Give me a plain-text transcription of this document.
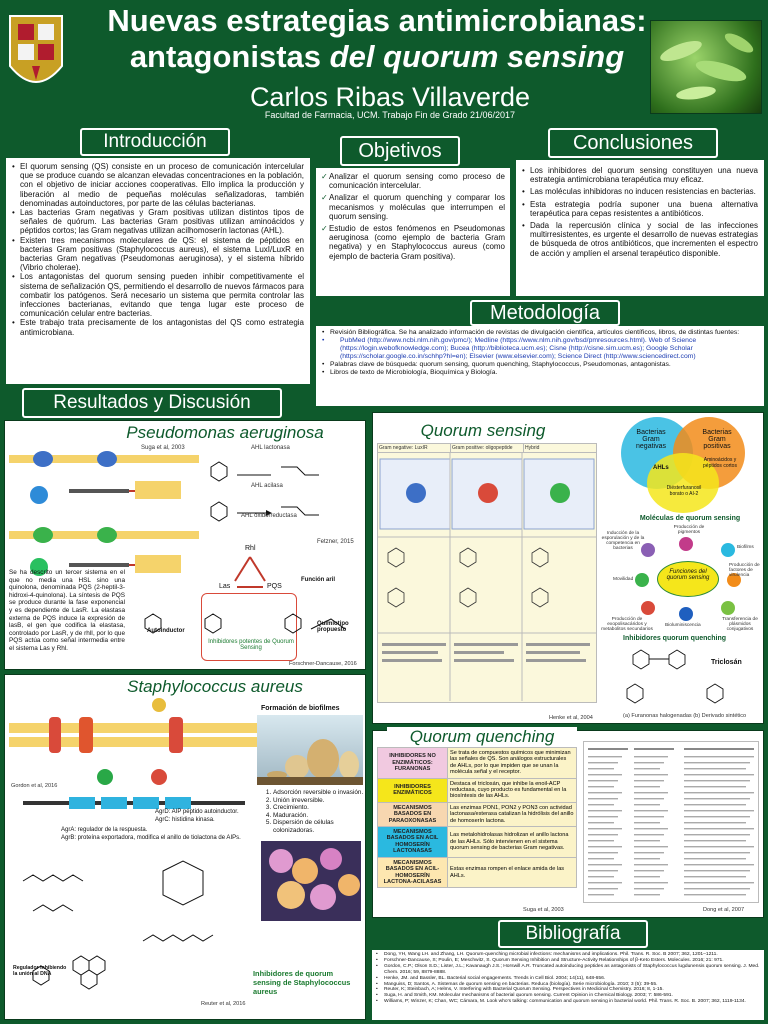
Nuevas estrategias antimicrobianas:
antagonistas del quorum sensing
Carlos Ribas Villaverde
Facultad de Farmacia, UCM. Trabajo Fin de Grado 21/06/2017
Introducción
• El quorum sensing (QS) consiste en un proceso de comunicación intercelular que se produce cuando se alcanzan elevadas concentraciones en la población, con el objetivo de iniciar acciones cooperativas. Ello implica la producción y liberación al medio de pequeñas moléculas señalizadoras, también denominadas autoinductores, por parte de las células bacterianas.
• Las bacterias Gram negativas y Gram positivas utilizan distintos tipos de señales de quórum. Las bacterias Gram positivas utilizan aminoácidos y péptidos cortos; las Gram negativas utilizan acilhomoserín lactonas (AHL).
• Existen tres mecanismos moleculares de QS: el sistema de péptidos en bacterias Gram positivas (Staphylococcus aureus), el sistema LuxI/LuxR en bacterias Gram negativas (Pseudomonas aeruginosa), y el sistema híbrido (Vibrio cholerae).
• Los antagonistas del quorum sensing pueden inhibir competitivamente el sistema de señalización QS, permitiendo el desarrollo de nuevos fármacos para combatir los patógenos. Será necesario un sistema que permita controlar las infecciones bacterianas, evitando que tenga lugar este proceso de comunicación celular entre bacterias.
• Este trabajo trata precisamente de los antagonistas del QS como estrategia antimicrobiana.
Objetivos
✓ Analizar el quorum sensing como proceso de comunicación intercelular.
✓ Analizar el quorum quenching y comparar los mecanismos y moléculas que interrumpen el quorum sensing.
✓ Estudio de estos fenómenos en Pseudomonas aeruginosa (como ejemplo de bacteria Gram negativa) y en Staphylococcus aureus (como ejemplo de bacteria Gram positiva).
Conclusiones
• Los inhibidores del quorum sensing constituyen una nueva estrategia antimicrobiana terapéutica muy eficaz.
• Las moléculas inhibidoras no inducen resistencias en bacterias.
• Esta estrategia podría suponer una buena alternativa terapéutica para cepas resistentes a antibióticos.
• Dada la repercusión clínica y social de las infecciones multirresistentes, es urgente el desarrollo de nuevas estrategias de búsqueda de otros antibióticos, que incrementen el espectro de acción y amplíen el arsenal terapéutico disponible.
Metodología
• Revisión Bibliográfica. Se ha analizado información de revistas de divulgación científica, artículos científicos, libros, de distintas fuentes:
• PubMed (http://www.ncbi.nlm.nih.gov/pmc/); Medline (https://www.nlm.nih.gov/bsd/pmresources.html). Web of Science (https://login.webofknowledge.com); Bucea (http://biblioteca.ucm.es); Cisne (http://cisne.sim.ucm.es); Google Scholar (https://scholar.google.co.in/schhp?hl=en); Elsevier (www.elsevier.com); Science Direct (http://www.sciencedirect.com)
• Palabras clave de búsqueda: quorum sensing, quorum quenching, Staphylococcus, Pseudomonas, antagonistas.
• Libros de texto de Microbiología, Bioquímica y Biología.
Resultados y Discusión
Pseudomonas aeruginosa
AHL lactonasa
AHL acilasa
AHL oxidorreductasa
Suga et al, 2003
Fetzner, 2015
Rhl
Las	PQS
Se ha descrito un tercer sistema en el que no media una HSL sino una quinolona, denominada PQS (2-heptil-3-hidroxi-4-quinolona). La síntesis de PQS se produce durante la fase exponencial y es dependiente de LasR. La elastasa externa de PQS induce la expresión de lasB, el gen que codifica la elastasa, controlado por LasR, y de rhlI, por lo que PQS actúa como señal intermedia entre el sistema Las y Rhl.
Autoinductor
Función aril
Quimiotipo propuesto
Inhibidores potentes de Quorum Sensing
Forschner-Dancause, 2016
Quorum sensing
Gram negative: LuxIR	Gram positive: oligopeptide	Hybrid
Henke et al, 2004
Bacterias Gram negativas
Bacterias Gram positivas
AHLs
Aminoácidos y péptidos cortos
Diésterfuranosil borato o AI-2
Moléculas de quorum sensing
Funciones del quorum sensing
Inducción de la esporulación y de la competencia en bacterias
Producción de pigmentos
Biofilms
Movilidad
Producción de exopolisacáridos y metabolitos secundarios
Bioluminiscencia
Producción de factores de virulencia
Transferencia de plásmidos conjugativos
Inhibidores quorum quenching
Triclosán
(a) Furanonas halogenadas (b) Derivado sintético
Staphylococcus aureus
Formación de biofilmes
1. Adsorción reversible o invasión.
2. Unión irreversible.
3. Crecimiento.
4. Maduración.
5. Dispersión de células colonizadoras.
Gordon et al, 2016
AgrA: regulador de la respuesta.
AgrB: proteína exportadora, modifica el anillo de tiolactona de AIPs.
AgrD: AIP péptido autoinductor.
AgrC: histidina kinasa.
Inhibidores de quorum sensing de Staphylococcus aureus
Regulador inhibiendo la unión al DNA
Reuter et al, 2016
Quorum quenching
INHIBIDORES NO ENZIMÁTICOS: FURANONAS	Se trata de compuestos químicos que minimizan las señales de QS. Son análogos estructurales de AHLs, por lo que impiden que se unan la molécula señal y el receptor.
INHIBIDORES ENZIMÁTICOS	Destaca el triclosán, que inhibe la enoil-ACP reductasa, cuyo producto es fundamental en la biosíntesis de las AHLs.
MECANISMOS BASADOS EN PARAOXONASAS	Las enzimas PON1, PON2 y PON3 con actividad lactonasa/esterasa catalizan la hidrólisis del anillo de homoserín lactona.
MECANISMOS BASADOS EN ACIL HOMOSERÍN LACTONASAS	Las metalohidrolasas hidrolizan el anillo lactona de las AHLs. Sólo intervienen en el sistema quorum sensing de bacterias Gram negativas.
MECANISMOS BASADOS EN ACIL-HOMOSERÍN LACTONA-ACILASAS	Estas enzimas rompen el enlace amida de las AHLs.
Suga et al, 2003	Dong et al, 2007
Bibliografía
• Dong, YH, Wang LH. and Zhang, LH. Quorum-quenching microbial infections: mechanisms and implications. Phil. Trans. R. Soc. B 2007; 362, 1201–1211.
• Forschner-Dancause, S; Poulin, E; Meschwitz, S. Quorum Sensing Inhibition and Structure-Activity Relationships of β-Keto Esters. Molecules. 2016; 21: 971.
• Gordon, C.P.; Olson S.D.; Lister, J.L.; Kavanaugh J.S.; Horswill A.R. Truncated autoinducing peptides as antagonists of Staphylococcus lugdunensis quorum sensing. J. Med. Chem. 2016; 59, 8879-8888.
• Henke, JM. and Bassler, BL. Bacterial social engagements. Trends in Cell Biol. 2004; 14(11), 648-656.
• Manguiss, D; Santos, A. Sistemas de quorum sensing en bacterias. Reduca (biología). Serie microbiología. 2010; 3 (5): 39-55.
• Reuter, K; Steinbach, A; Helms, V. Interfering with Bacterial Quorum Sensing. Perspectives in Medicinal Chemistry. 2016; 8, 1-15.
• Suga, H. and Smith, KM. Molecular mechanisms of bacterial quorum sensing. Current Opinion in Chemical Biology. 2003; 7: 586-591.
• Williams, P; Winzer, K; Chan, WC; Cámara, M. Look who's talking: communication and quorum sensing in bacterial world. Phil. Trans. R. Soc. B. 2007; 362, 1119-1134.
